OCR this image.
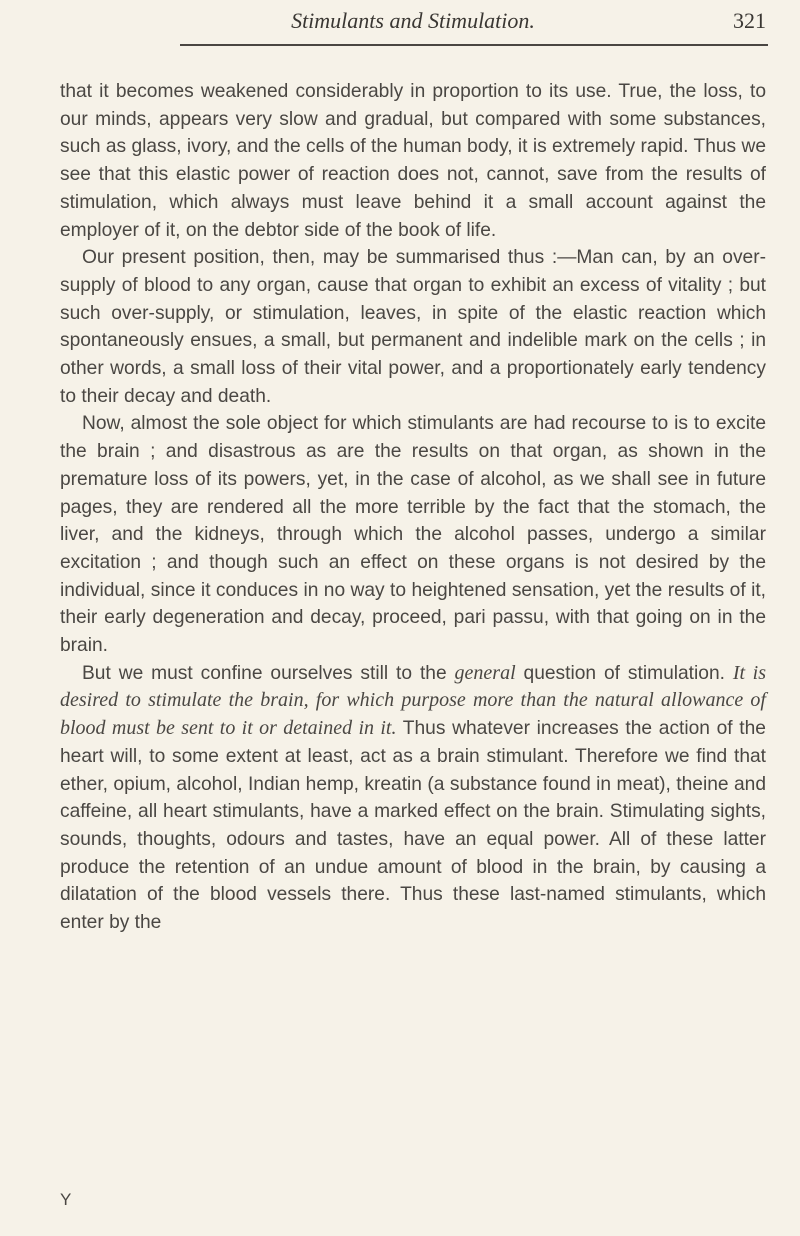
Stimulants and Stimulation.	321

that it becomes weakened considerably in proportion to its use. True, the loss, to our minds, appears very slow and gradual, but compared with some substances, such as glass, ivory, and the cells of the human body, it is extremely rapid. Thus we see that this elastic power of reaction does not, cannot, save from the results of stimulation, which always must leave behind it a small account against the employer of it, on the debtor side of the book of life.

Our present position, then, may be summarised thus :—Man can, by an over-supply of blood to any organ, cause that organ to exhibit an excess of vitality ; but such over-supply, or stimulation, leaves, in spite of the elastic reaction which spontaneously ensues, a small, but permanent and indelible mark on the cells ; in other words, a small loss of their vital power, and a proportionately early tendency to their decay and death.

Now, almost the sole object for which stimulants are had recourse to is to excite the brain ; and disastrous as are the results on that organ, as shown in the premature loss of its powers, yet, in the case of alcohol, as we shall see in future pages, they are rendered all the more terrible by the fact that the stomach, the liver, and the kidneys, through which the alcohol passes, undergo a similar excitation ; and though such an effect on these organs is not desired by the individual, since it conduces in no way to heightened sensation, yet the results of it, their early degeneration and decay, proceed, pari passu, with that going on in the brain.

But we must confine ourselves still to the general question of stimulation. It is desired to stimulate the brain, for which purpose more than the natural allowance of blood must be sent to it or detained in it. Thus whatever increases the action of the heart will, to some extent at least, act as a brain stimulant. Therefore we find that ether, opium, alcohol, Indian hemp, kreatin (a substance found in meat), theine and caffeine, all heart stimulants, have a marked effect on the brain. Stimulating sights, sounds, thoughts, odours and tastes, have an equal power. All of these latter produce the retention of an undue amount of blood in the brain, by causing a dilatation of the blood vessels there. Thus these last-named stimulants, which enter by the

Y
